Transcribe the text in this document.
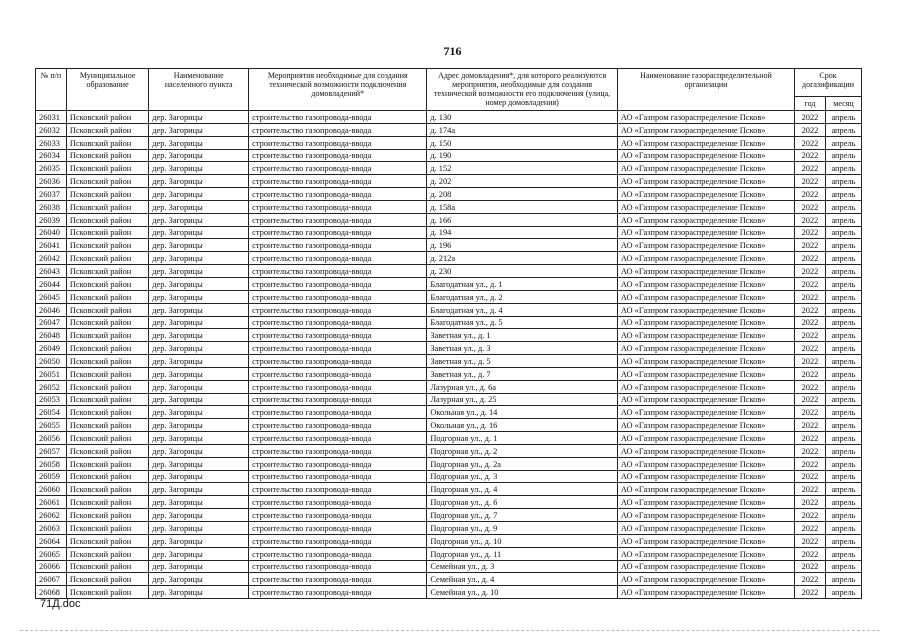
716
№ п/п	Муниципальное образование	Наименование населенного пункта	Мероприятия необходимые для создания технической возможности подключения домовладений*	Адрес домовладения*, для которого реализуются мероприятия, необходимые для создания технической возможности его подключения (улица, номер домовладения)	Наименование газораспределительной организации	Срок догазификации	
						год	месяц
26031	Псковский район	дер. Загорицы	строительство газопровода-ввода	д. 130	АО «Газпром газораспределение Псков»	2022	апрель
26032	Псковский район	дер. Загорицы	строительство газопровода-ввода	д. 174а	АО «Газпром газораспределение Псков»	2022	апрель
26033	Псковский район	дер. Загорицы	строительство газопровода-ввода	д. 150	АО «Газпром газораспределение Псков»	2022	апрель
26034	Псковский район	дер. Загорицы	строительство газопровода-ввода	д. 190	АО «Газпром газораспределение Псков»	2022	апрель
26035	Псковский район	дер. Загорицы	строительство газопровода-ввода	д. 152	АО «Газпром газораспределение Псков»	2022	апрель
26036	Псковский район	дер. Загорицы	строительство газопровода-ввода	д. 202	АО «Газпром газораспределение Псков»	2022	апрель
26037	Псковский район	дер. Загорицы	строительство газопровода-ввода	д. 208	АО «Газпром газораспределение Псков»	2022	апрель
26038	Псковский район	дер. Загорицы	строительство газопровода-ввода	д. 158а	АО «Газпром газораспределение Псков»	2022	апрель
26039	Псковский район	дер. Загорицы	строительство газопровода-ввода	д. 166	АО «Газпром газораспределение Псков»	2022	апрель
26040	Псковский район	дер. Загорицы	строительство газопровода-ввода	д. 194	АО «Газпром газораспределение Псков»	2022	апрель
26041	Псковский район	дер. Загорицы	строительство газопровода-ввода	д. 196	АО «Газпром газораспределение Псков»	2022	апрель
26042	Псковский район	дер. Загорицы	строительство газопровода-ввода	д. 212а	АО «Газпром газораспределение Псков»	2022	апрель
26043	Псковский район	дер. Загорицы	строительство газопровода-ввода	д. 230	АО «Газпром газораспределение Псков»	2022	апрель
26044	Псковский район	дер. Загорицы	строительство газопровода-ввода	Благодатная ул., д. 1	АО «Газпром газораспределение Псков»	2022	апрель
26045	Псковский район	дер. Загорицы	строительство газопровода-ввода	Благодатная ул., д. 2	АО «Газпром газораспределение Псков»	2022	апрель
26046	Псковский район	дер. Загорицы	строительство газопровода-ввода	Благодатная ул., д. 4	АО «Газпром газораспределение Псков»	2022	апрель
26047	Псковский район	дер. Загорицы	строительство газопровода-ввода	Благодатная ул., д. 5	АО «Газпром газораспределение Псков»	2022	апрель
26048	Псковский район	дер. Загорицы	строительство газопровода-ввода	Заветная ул., д. 1	АО «Газпром газораспределение Псков»	2022	апрель
26049	Псковский район	дер. Загорицы	строительство газопровода-ввода	Заветная ул., д. 3	АО «Газпром газораспределение Псков»	2022	апрель
26050	Псковский район	дер. Загорицы	строительство газопровода-ввода	Заветная ул., д. 5	АО «Газпром газораспределение Псков»	2022	апрель
26051	Псковский район	дер. Загорицы	строительство газопровода-ввода	Заветная ул., д. 7	АО «Газпром газораспределение Псков»	2022	апрель
26052	Псковский район	дер. Загорицы	строительство газопровода-ввода	Лазурная ул., д. 6а	АО «Газпром газораспределение Псков»	2022	апрель
26053	Псковский район	дер. Загорицы	строительство газопровода-ввода	Лазурная ул., д. 25	АО «Газпром газораспределение Псков»	2022	апрель
26054	Псковский район	дер. Загорицы	строительство газопровода-ввода	Окольная ул., д. 14	АО «Газпром газораспределение Псков»	2022	апрель
26055	Псковский район	дер. Загорицы	строительство газопровода-ввода	Окольная ул., д. 16	АО «Газпром газораспределение Псков»	2022	апрель
26056	Псковский район	дер. Загорицы	строительство газопровода-ввода	Подгорная ул., д. 1	АО «Газпром газораспределение Псков»	2022	апрель
26057	Псковский район	дер. Загорицы	строительство газопровода-ввода	Подгорная ул., д. 2	АО «Газпром газораспределение Псков»	2022	апрель
26058	Псковский район	дер. Загорицы	строительство газопровода-ввода	Подгорная ул., д. 2а	АО «Газпром газораспределение Псков»	2022	апрель
26059	Псковский район	дер. Загорицы	строительство газопровода-ввода	Подгорная ул., д. 3	АО «Газпром газораспределение Псков»	2022	апрель
26060	Псковский район	дер. Загорицы	строительство газопровода-ввода	Подгорная ул., д. 4	АО «Газпром газораспределение Псков»	2022	апрель
26061	Псковский район	дер. Загорицы	строительство газопровода-ввода	Подгорная ул., д. 6	АО «Газпром газораспределение Псков»	2022	апрель
26062	Псковский район	дер. Загорицы	строительство газопровода-ввода	Подгорная ул., д. 7	АО «Газпром газораспределение Псков»	2022	апрель
26063	Псковский район	дер. Загорицы	строительство газопровода-ввода	Подгорная ул., д. 9	АО «Газпром газораспределение Псков»	2022	апрель
26064	Псковский район	дер. Загорицы	строительство газопровода-ввода	Подгорная ул., д. 10	АО «Газпром газораспределение Псков»	2022	апрель
26065	Псковский район	дер. Загорицы	строительство газопровода-ввода	Подгорная ул., д. 11	АО «Газпром газораспределение Псков»	2022	апрель
26066	Псковский район	дер. Загорицы	строительство газопровода-ввода	Семейная ул., д. 3	АО «Газпром газораспределение Псков»	2022	апрель
26067	Псковский район	дер. Загорицы	строительство газопровода-ввода	Семейная ул., д. 4	АО «Газпром газораспределение Псков»	2022	апрель
26068	Псковский район	дер. Загорицы	строительство газопровода-ввода	Семейная ул., д. 10	АО «Газпром газораспределение Псков»	2022	апрель
71Д.doc
